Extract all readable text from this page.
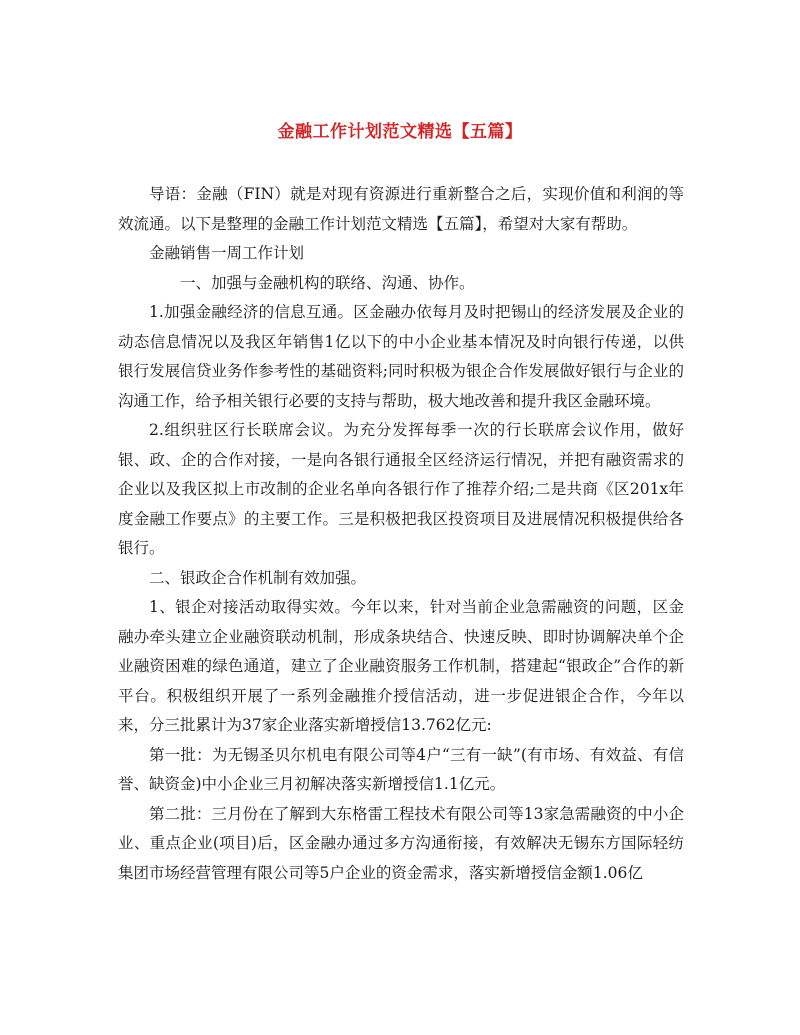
金融工作计划范文精选【五篇】

导语：金融（FIN）就是对现有资源进行重新整合之后，实现价值和利润的等效流通。以下是整理的金融工作计划范文精选【五篇】，希望对大家有帮助。

金融销售一周工作计划

一、加强与金融机构的联络、沟通、协作。

1.加强金融经济的信息互通。区金融办依每月及时把锡山的经济发展及企业的动态信息情况以及我区年销售1亿以下的中小企业基本情况及时向银行传递，以供银行发展信贷业务作参考性的基础资料;同时积极为银企合作发展做好银行与企业的沟通工作，给予相关银行必要的支持与帮助，极大地改善和提升我区金融环境。

2.组织驻区行长联席会议。为充分发挥每季一次的行长联席会议作用，做好银、政、企的合作对接，一是向各银行通报全区经济运行情况，并把有融资需求的企业以及我区拟上市改制的企业名单向各银行作了推荐介绍;二是共商《区201x年度金融工作要点》的主要工作。三是积极把我区投资项目及进展情况积极提供给各银行。

二、银政企合作机制有效加强。

1、银企对接活动取得实效。今年以来，针对当前企业急需融资的问题，区金融办牵头建立企业融资联动机制，形成条块结合、快速反映、即时协调解决单个企业融资困难的绿色通道，建立了企业融资服务工作机制，搭建起“银政企”合作的新平台。积极组织开展了一系列金融推介授信活动，进一步促进银企合作，今年以来，分三批累计为37家企业落实新增授信13.762亿元:

第一批：为无锡圣贝尔机电有限公司等4户“三有一缺”(有市场、有效益、有信誉、缺资金)中小企业三月初解决落实新增授信1.1亿元。

第二批：三月份在了解到大东格雷工程技术有限公司等13家急需融资的中小企业、重点企业(项目)后，区金融办通过多方沟通衔接，有效解决无锡东方国际轻纺集团市场经营管理有限公司等5户企业的资金需求，落实新增授信金额1.06亿
